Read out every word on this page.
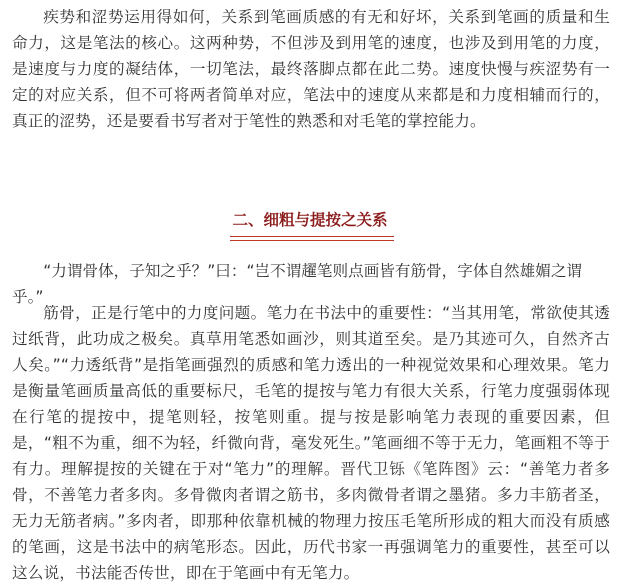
疾势和涩势运用得如何，关系到笔画质感的有无和好坏，关系到笔画的质量和生命力，这是笔法的核心。这两种势，不但涉及到用笔的速度，也涉及到用笔的力度，是速度与力度的凝结体，一切笔法，最终落脚点都在此二势。速度快慢与疾涩势有一定的对应关系，但不可将两者简单对应，笔法中的速度从来都是和力度相辅而行的，真正的涩势，还是要看书写者对于笔性的熟悉和对毛笔的掌控能力。

二、细粗与提按之关系

“力谓骨体，子知之乎？”曰：“岂不谓趯笔则点画皆有筋骨，字体自然雄媚之谓乎。”

筋骨，正是行笔中的力度问题。笔力在书法中的重要性：“当其用笔，常欲使其透过纸背，此功成之极矣。真草用笔悉如画沙，则其道至矣。是乃其迹可久，自然齐古人矣。”“力透纸背”是指笔画强烈的质感和笔力透出的一种视觉效果和心理效果。笔力是衡量笔画质量高低的重要标尺，毛笔的提按与笔力有很大关系，行笔力度强弱体现在行笔的提按中，提笔则轻，按笔则重。提与按是影响笔力表现的重要因素，但是，“粗不为重，细不为轻，纤微向背，毫发死生。”笔画细不等于无力，笔画粗不等于有力。理解提按的关键在于对“笔力”的理解。晋代卫铄《笔阵图》云：“善笔力者多骨，不善笔力者多肉。多骨微肉者谓之筋书，多肉微骨者谓之墨猪。多力丰筋者圣，无力无筋者病。”多肉者，即那种依靠机械的物理力按压毛笔所形成的粗大而没有质感的笔画，这是书法中的病笔形态。因此，历代书家一再强调笔力的重要性，甚至可以这么说，书法能否传世，即在于笔画中有无笔力。
